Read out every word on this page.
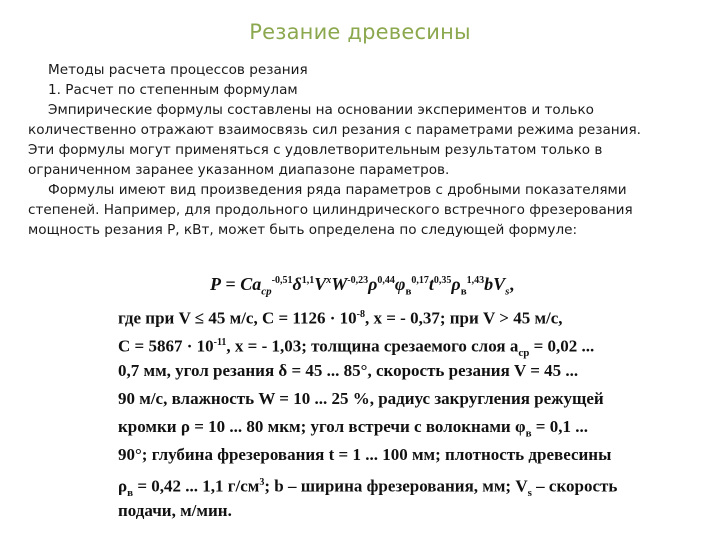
Резание древесины
Методы расчета процессов резания
1. Расчет по степенным формулам
Эмпирические формулы составлены на основании экспериментов и только
количественно отражают взаимосвязь сил резания с параметрами режима резания.
Эти формулы могут применяться с удовлетворительным результатом только в
ограниченном заранее указанном диапазоне параметров.
Формулы имеют вид произведения ряда параметров с дробными показателями
степеней. Например, для продольного цилиндрического встречного фрезерования
мощность резания Р, кВт, может быть определена по следующей формуле:
$P = Ca_{cp}^{-0,51}\delta^{1,1}V^xW^{-0,23}\rho^{0,44}\varphi_в^{0,17}t^{0,35}\rho_в^{1,43}bV_s$,
где при V ≤ 45 м/с, $C = 1126 \cdot 10^{-8}$, x = - 0,37; при V > 45 м/с,
$C = 5867 \cdot 10^{-11}$, x = - 1,03; толщина срезаемого слоя $a_{cp} = 0,02$ ...
0,7 мм, угол резания δ = 45 ... 85°, скорость резания V = 45 ...
90 м/с, влажность W = 10 ... 25 %, радиус закругления режущей
кромки ρ = 10 ... 80 мкм; угол встречи с волокнами $\varphi_в = 0,1$ ...
90°; глубина фрезерования t = 1 ... 100 мм; плотность древесины
$\rho_в = 0,42$ ... 1,1 $г/см^3$; b – ширина фрезерования, мм; $V_s$ – скорость
подачи, м/мин.
